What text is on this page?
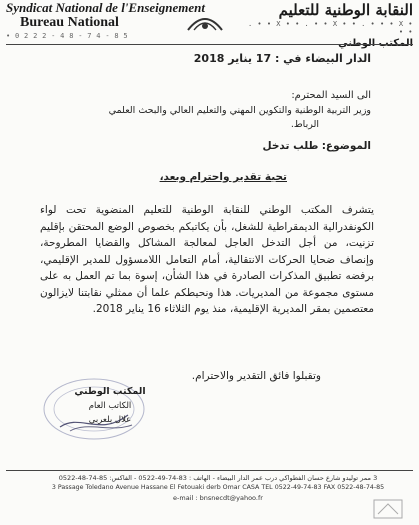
Syndicat National de l'Enseignement

Bureau National

• 0 2 2 2 - 4 8 - 7 4 - 8 5
النقابة الوطنية للتعليم
. • • X • • . • • X • • . • • • X • • •
المكتب الوطني
الدار البيضاء في : 17 يناير 2018
الى السيد المحترم:
وزير التربية الوطنية والتكوين المهني والتعليم العالي والبحث العلمي
الرباط.
الموضوع: طلب تدخل
تحية تقدير واحترام وبعد،
يتشرف المكتب الوطني للنقابة الوطنية للتعليم المنضوية تحت لواء الكونفدرالية الديمقراطية للشغل، بأن يكاتبكم بخصوص الوضع المحتقن بإقليم تزنيت، من أجل التدخل العاجل لمعالجة المشاكل والقضايا المطروحة، وإنصاف ضحايا الحركات الانتقالية، أمام التعامل اللامسؤول للمدير الإقليمي، برفضه تطبيق المذكرات الصادرة في هذا الشأن، إسوة بما تم العمل به على مستوى مجموعة من المديريات. هذا ونحيطكم علما أن ممثلي نقابتنا لايزالون معتصمين بمقر المديرية الإقليمية، منذ يوم الثلاثاء 16 يناير 2018.
وتقبلوا فائق التقدير والاحترام.
المكتب الوطني
الكاتب العام
علال بلعربي
3 ممر توليدو شارع حسان الفطواكي درب عمر الدار البيضاء - الهاتف : 83-74-49-0522 - الفاكس: 85-74-48-0522
3 Passage Toledano Avenue Hassane El Fetouaki derb Omar CASA TEL 0522-49-74-83 FAX 0522-48-74-85
e-mail : bnsnecdt@yahoo.fr
